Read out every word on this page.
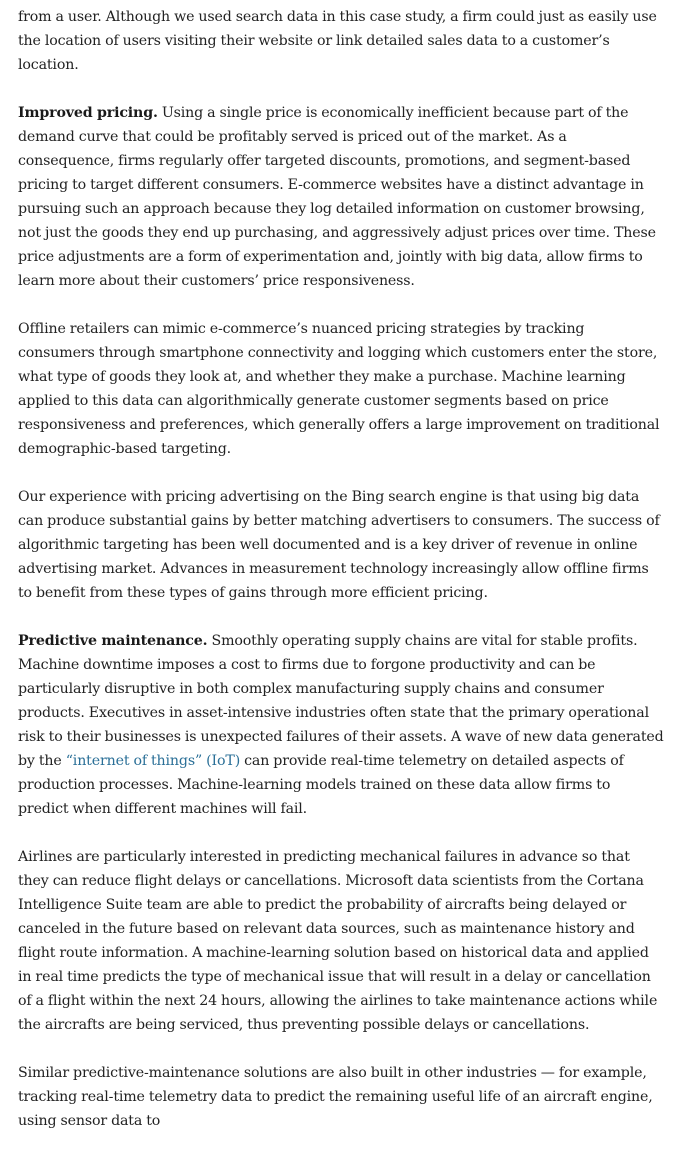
from a user. Although we used search data in this case study, a firm could just as easily use the location of users visiting their website or link detailed sales data to a customer’s location.

Improved pricing. Using a single price is economically inefficient because part of the demand curve that could be profitably served is priced out of the market. As a consequence, firms regularly offer targeted discounts, promotions, and segment-based pricing to target different consumers. E-commerce websites have a distinct advantage in pursuing such an approach because they log detailed information on customer browsing, not just the goods they end up purchasing, and aggressively adjust prices over time. These price adjustments are a form of experimentation and, jointly with big data, allow firms to learn more about their customers’ price responsiveness.

Offline retailers can mimic e-commerce’s nuanced pricing strategies by tracking consumers through smartphone connectivity and logging which customers enter the store, what type of goods they look at, and whether they make a purchase. Machine learning applied to this data can algorithmically generate customer segments based on price responsiveness and preferences, which generally offers a large improvement on traditional demographic-based targeting.

Our experience with pricing advertising on the Bing search engine is that using big data can produce substantial gains by better matching advertisers to consumers. The success of algorithmic targeting has been well documented and is a key driver of revenue in online advertising market. Advances in measurement technology increasingly allow offline firms to benefit from these types of gains through more efficient pricing.

Predictive maintenance. Smoothly operating supply chains are vital for stable profits. Machine downtime imposes a cost to firms due to forgone productivity and can be particularly disruptive in both complex manufacturing supply chains and consumer products. Executives in asset-intensive industries often state that the primary operational risk to their businesses is unexpected failures of their assets. A wave of new data generated by the “internet of things” (IoT) can provide real-time telemetry on detailed aspects of production processes. Machine-learning models trained on these data allow firms to predict when different machines will fail.

Airlines are particularly interested in predicting mechanical failures in advance so that they can reduce flight delays or cancellations. Microsoft data scientists from the Cortana Intelligence Suite team are able to predict the probability of aircrafts being delayed or canceled in the future based on relevant data sources, such as maintenance history and flight route information. A machine-learning solution based on historical data and applied in real time predicts the type of mechanical issue that will result in a delay or cancellation of a flight within the next 24 hours, allowing the airlines to take maintenance actions while the aircrafts are being serviced, thus preventing possible delays or cancellations.

Similar predictive-maintenance solutions are also built in other industries — for example, tracking real-time telemetry data to predict the remaining useful life of an aircraft engine, using sensor data to
